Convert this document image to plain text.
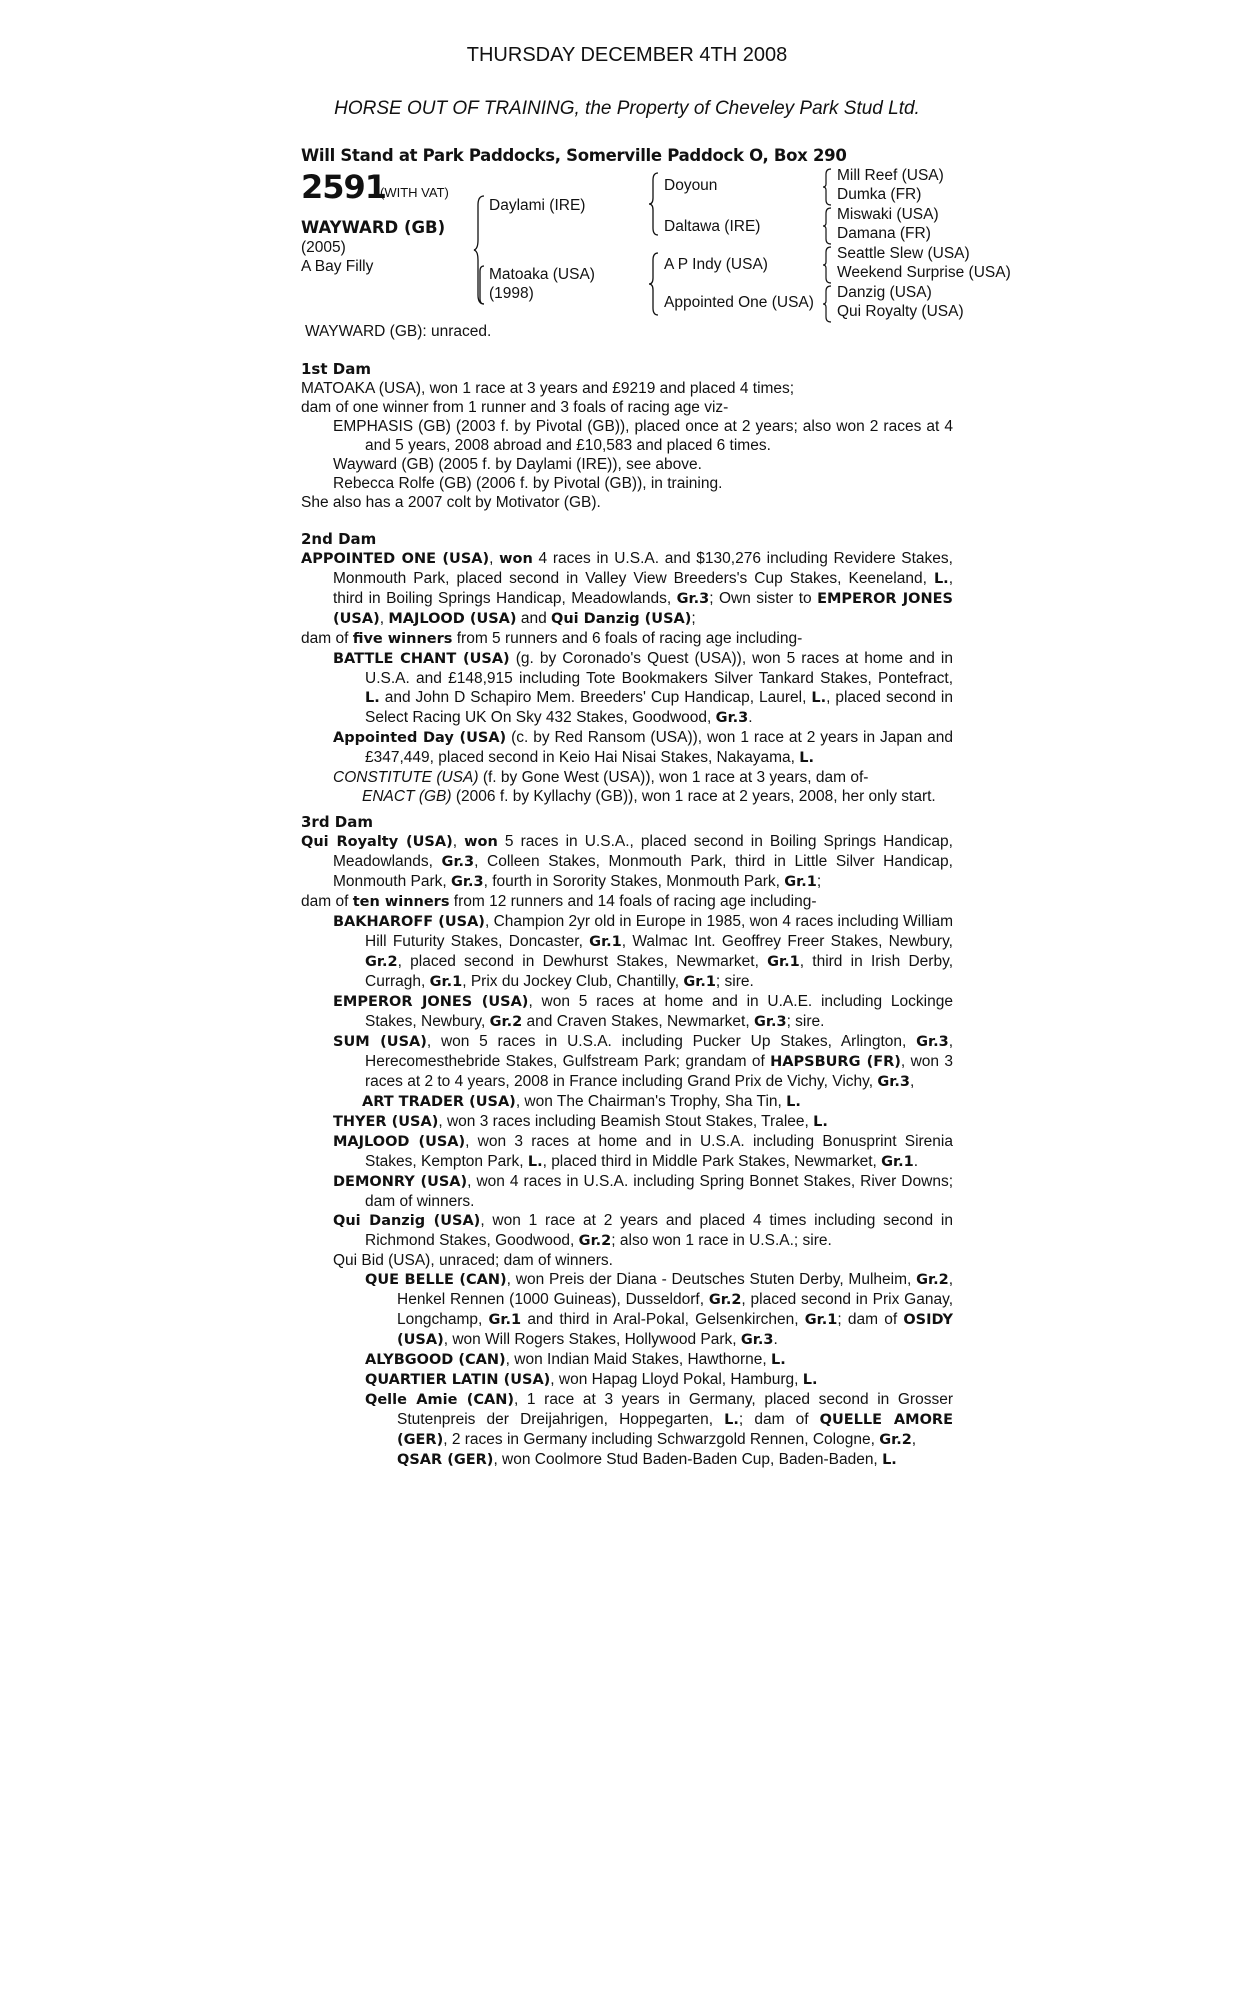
THURSDAY DECEMBER 4TH 2008
HORSE OUT OF TRAINING, the Property of Cheveley Park Stud Ltd.
Will Stand at Park Paddocks, Somerville Paddock O, Box 290
2591
(WITH VAT)
WAYWARD (GB)
(2005)
A Bay Filly
Daylami (IRE)
Matoaka (USA)
(1998)
Doyoun
Daltawa (IRE)
A P Indy (USA)
Appointed One (USA)
Mill Reef (USA)
Dumka (FR)
Miswaki (USA)
Damana (FR)
Seattle Slew (USA)
Weekend Surprise (USA)
Danzig (USA)
Qui Royalty (USA)
WAYWARD (GB): unraced.
1st Dam
MATOAKA (USA), won 1 race at 3 years and £9219 and placed 4 times;
dam of one winner from 1 runner and 3 foals of racing age viz-
EMPHASIS (GB) (2003 f. by Pivotal (GB)), placed once at 2 years; also won 2 races at 4 and 5 years, 2008 abroad and £10,583 and placed 6 times.
Wayward (GB) (2005 f. by Daylami (IRE)), see above.
Rebecca Rolfe (GB) (2006 f. by Pivotal (GB)), in training.
She also has a 2007 colt by Motivator (GB).
2nd Dam
APPOINTED ONE (USA), won 4 races in U.S.A. and $130,276 including Revidere Stakes, Monmouth Park, placed second in Valley View Breeders's Cup Stakes, Keeneland, L., third in Boiling Springs Handicap, Meadowlands, Gr.3; Own sister to EMPEROR JONES (USA), MAJLOOD (USA) and Qui Danzig (USA);
dam of five winners from 5 runners and 6 foals of racing age including-
BATTLE CHANT (USA) (g. by Coronado's Quest (USA)), won 5 races at home and in U.S.A. and £148,915 including Tote Bookmakers Silver Tankard Stakes, Pontefract, L. and John D Schapiro Mem. Breeders' Cup Handicap, Laurel, L., placed second in Select Racing UK On Sky 432 Stakes, Goodwood, Gr.3.
Appointed Day (USA) (c. by Red Ransom (USA)), won 1 race at 2 years in Japan and £347,449, placed second in Keio Hai Nisai Stakes, Nakayama, L.
CONSTITUTE (USA) (f. by Gone West (USA)), won 1 race at 3 years, dam of-
ENACT (GB) (2006 f. by Kyllachy (GB)), won 1 race at 2 years, 2008, her only start.
3rd Dam
Qui Royalty (USA), won 5 races in U.S.A., placed second in Boiling Springs Handicap, Meadowlands, Gr.3, Colleen Stakes, Monmouth Park, third in Little Silver Handicap, Monmouth Park, Gr.3, fourth in Sorority Stakes, Monmouth Park, Gr.1;
dam of ten winners from 12 runners and 14 foals of racing age including-
BAKHAROFF (USA), Champion 2yr old in Europe in 1985, won 4 races including William Hill Futurity Stakes, Doncaster, Gr.1, Walmac Int. Geoffrey Freer Stakes, Newbury, Gr.2, placed second in Dewhurst Stakes, Newmarket, Gr.1, third in Irish Derby, Curragh, Gr.1, Prix du Jockey Club, Chantilly, Gr.1; sire.
EMPEROR JONES (USA), won 5 races at home and in U.A.E. including Lockinge Stakes, Newbury, Gr.2 and Craven Stakes, Newmarket, Gr.3; sire.
SUM (USA), won 5 races in U.S.A. including Pucker Up Stakes, Arlington, Gr.3, Herecomesthebride Stakes, Gulfstream Park; grandam of HAPSBURG (FR), won 3 races at 2 to 4 years, 2008 in France including Grand Prix de Vichy, Vichy, Gr.3,
ART TRADER (USA), won The Chairman's Trophy, Sha Tin, L.
THYER (USA), won 3 races including Beamish Stout Stakes, Tralee, L.
MAJLOOD (USA), won 3 races at home and in U.S.A. including Bonusprint Sirenia Stakes, Kempton Park, L., placed third in Middle Park Stakes, Newmarket, Gr.1.
DEMONRY (USA), won 4 races in U.S.A. including Spring Bonnet Stakes, River Downs; dam of winners.
Qui Danzig (USA), won 1 race at 2 years and placed 4 times including second in Richmond Stakes, Goodwood, Gr.2; also won 1 race in U.S.A.; sire.
Qui Bid (USA), unraced; dam of winners.
QUE BELLE (CAN), won Preis der Diana - Deutsches Stuten Derby, Mulheim, Gr.2, Henkel Rennen (1000 Guineas), Dusseldorf, Gr.2, placed second in Prix Ganay, Longchamp, Gr.1 and third in Aral-Pokal, Gelsenkirchen, Gr.1; dam of OSIDY (USA), won Will Rogers Stakes, Hollywood Park, Gr.3.
ALYBGOOD (CAN), won Indian Maid Stakes, Hawthorne, L.
QUARTIER LATIN (USA), won Hapag Lloyd Pokal, Hamburg, L.
Qelle Amie (CAN), 1 race at 3 years in Germany, placed second in Grosser Stutenpreis der Dreijahrigen, Hoppegarten, L.; dam of QUELLE AMORE (GER), 2 races in Germany including Schwarzgold Rennen, Cologne, Gr.2,
QSAR (GER), won Coolmore Stud Baden-Baden Cup, Baden-Baden, L.
